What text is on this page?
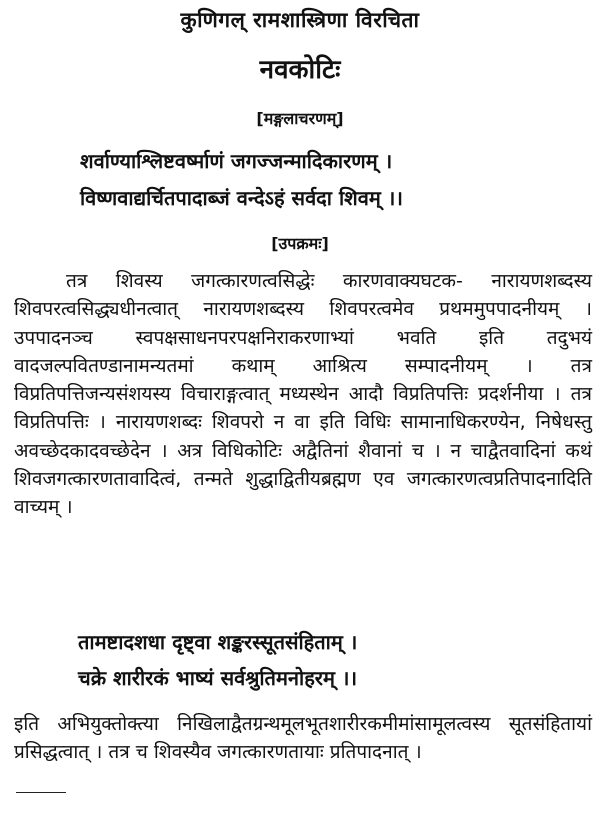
कुणिगल् रामशास्त्रिणा विरचिता
नवकोटिः
[मङ्गलाचरणम्]
शर्वाण्याश्लिष्टवर्ष्माणं जगज्जन्मादिकारणम् ।
विष्णवाद्यर्चितपादाब्जं वन्देऽहं सर्वदा शिवम् ।।
[उपक्रमः]
तत्र शिवस्य जगत्कारणत्वसिद्धेः कारणवाक्यघटक- नारायणशब्दस्य शिवपरत्वसिद्ध्यधीनत्वात् नारायणशब्दस्य शिवपरत्वमेव प्रथममुपपादनीयम् । उपपादनञ्च स्वपक्षसाधनपरपक्षनिराकरणाभ्यां भवति इति तदुभयं वादजल्पवितण्डानामन्यतमां कथाम् आश्रित्य सम्पादनीयम् । तत्र विप्रतिपत्तिजन्यसंशयस्य विचाराङ्गत्वात् मध्यस्थेन आदौ विप्रतिपत्तिः प्रदर्शनीया । तत्र विप्रतिपत्तिः । नारायणशब्दः शिवपरो न वा इति विधिः सामानाधिकरण्येन, निषेधस्तु अवच्छेदकादवच्छेदेन । अत्र विधिकोटिः अद्वैतिनां शैवानां च । न चाद्वैतवादिनां कथं शिवजगत्कारणतावादित्वं, तन्मते शुद्धाद्वितीयब्रह्मण एव जगत्कारणत्वप्रतिपादनादिति वाच्यम् ।
तामष्टादशधा दृष्ट्वा शङ्करस्सूतसंहिताम् ।
चक्रे शारीरकं भाष्यं सर्वश्रुतिमनोहरम् ।।
इति अभियुक्तोक्त्या निखिलाद्वैतग्रन्थमूलभूतशारीरकमीमांसामूलत्वस्य सूतसंहितायां प्रसिद्धत्वात् । तत्र च शिवस्यैव जगत्कारणतायाः प्रतिपादनात् ।
